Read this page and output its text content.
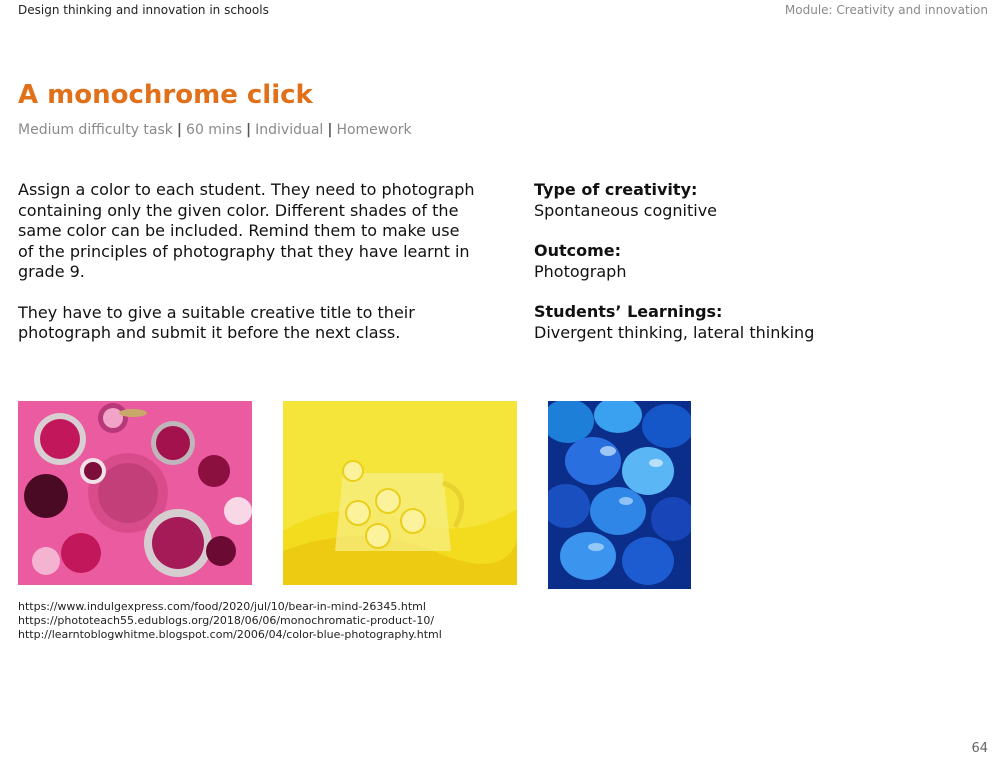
Design thinking and innovation in schools	Module: Creativity and innovation
A monochrome click
Medium difficulty task | 60 mins | Individual | Homework

Assign a color to each student. They need to photograph containing only the given color. Different shades of the same color can be included. Remind them to make use of the principles of photography that they have learnt in grade 9.

They have to give a suitable creative title to their photograph and submit it before the next class.

Type of creativity:
Spontaneous cognitive
Outcome:
Photograph
Students’ Learnings:
Divergent thinking, lateral thinking
https://www.indulgexpress.com/food/2020/jul/10/bear-in-mind-26345.html
https://phototeach55.edublogs.org/2018/06/06/monochromatic-product-10/
http://learntoblogwhitme.blogspot.com/2006/04/color-blue-photography.html
64
